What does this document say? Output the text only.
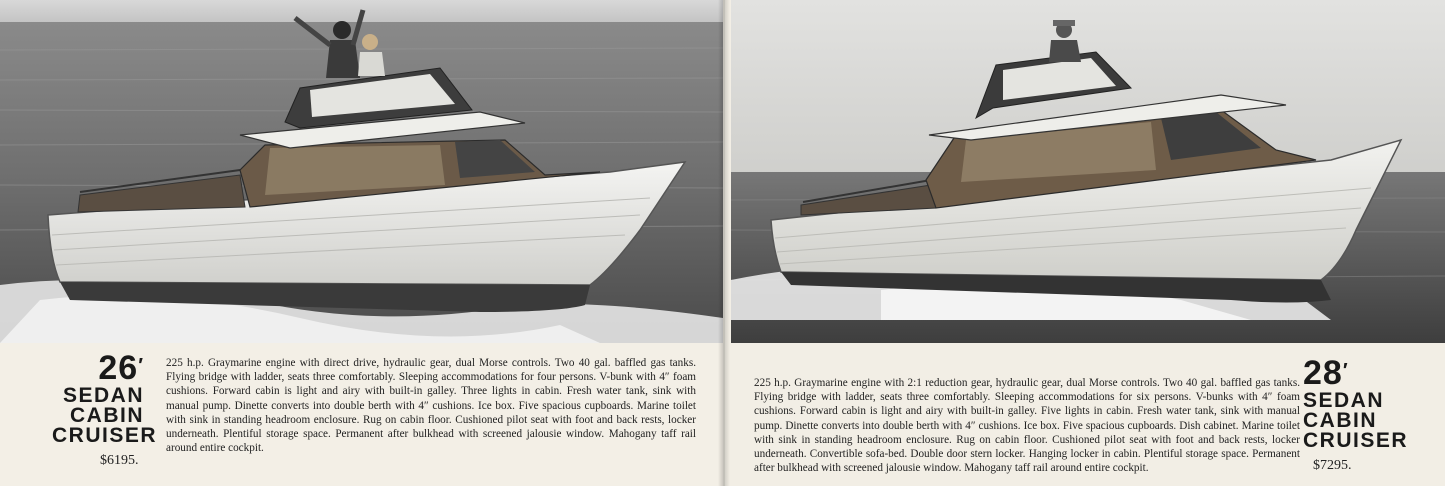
26′
SEDAN
CABIN
CRUISER
$6195.
225 h.p. Graymarine engine with direct drive, hydraulic gear, dual Morse controls. Two 40 gal. baffled gas tanks. Flying bridge with ladder, seats three comfortably. Sleeping accommodations for four persons. V-bunk with 4″ foam cushions. Forward cabin is light and airy with built-in galley. Three lights in cabin. Fresh water tank, sink with manual pump. Dinette converts into double berth with 4″ cushions. Ice box. Five spacious cupboards. Marine toilet with sink in standing headroom enclosure. Rug on cabin floor. Cushioned pilot seat with foot and back rests, locker underneath. Plentiful storage space. Permanent after bulkhead with screened jalousie window. Mahogany taff rail around entire cockpit.
225 h.p. Graymarine engine with 2:1 reduction gear, hydraulic gear, dual Morse controls. Two 40 gal. baffled gas tanks. Flying bridge with ladder, seats three comfortably. Sleeping accommodations for six persons. V-bunks with 4″ foam cushions. Forward cabin is light and airy with built-in galley. Five lights in cabin. Fresh water tank, sink with manual pump. Dinette converts into double berth with 4″ cushions. Ice box. Five spacious cupboards. Dish cabinet. Marine toilet with sink in standing headroom enclosure. Rug on cabin floor. Cushioned pilot seat with foot and back rests, locker underneath. Convertible sofa-bed. Double door stern locker. Hanging locker in cabin. Plentiful storage space. Permanent after bulkhead with screened jalousie window. Mahogany taff rail around entire cockpit.
28′
SEDAN
CABIN
CRUISER
$7295.
